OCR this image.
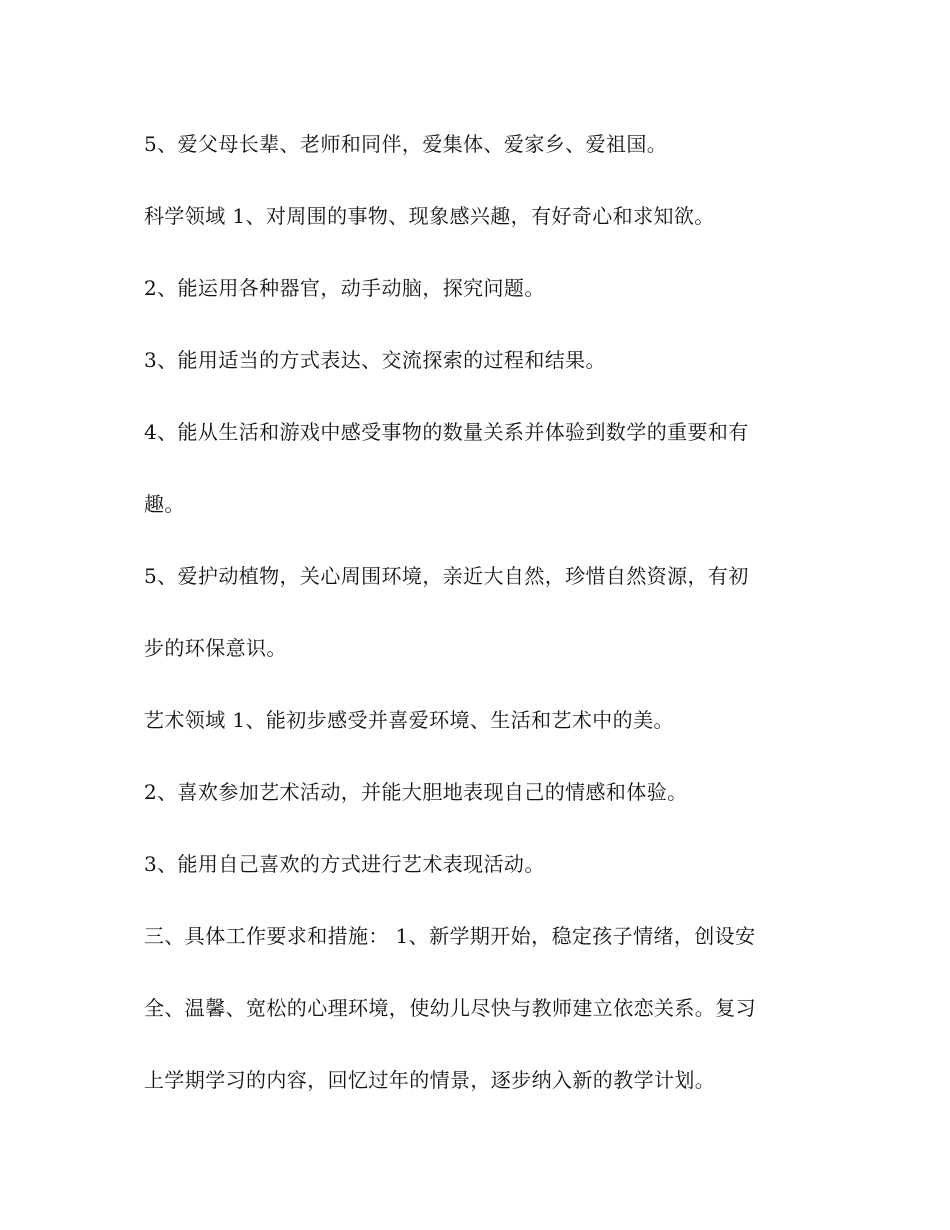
5、爱父母长辈、老师和同伴，爱集体、爱家乡、爱祖国。

科学领域 1、对周围的事物、现象感兴趣，有好奇心和求知欲。

2、能运用各种器官，动手动脑，探究问题。

3、能用适当的方式表达、交流探索的过程和结果。

4、能从生活和游戏中感受事物的数量关系并体验到数学的重要和有

趣。

5、爱护动植物，关心周围环境，亲近大自然，珍惜自然资源，有初

步的环保意识。

艺术领域 1、能初步感受并喜爱环境、生活和艺术中的美。

2、喜欢参加艺术活动，并能大胆地表现自己的情感和体验。

3、能用自己喜欢的方式进行艺术表现活动。

三、具体工作要求和措施： 1、新学期开始，稳定孩子情绪，创设安

全、温馨、宽松的心理环境，使幼儿尽快与教师建立依恋关系。复习

上学期学习的内容，回忆过年的情景，逐步纳入新的教学计划。
